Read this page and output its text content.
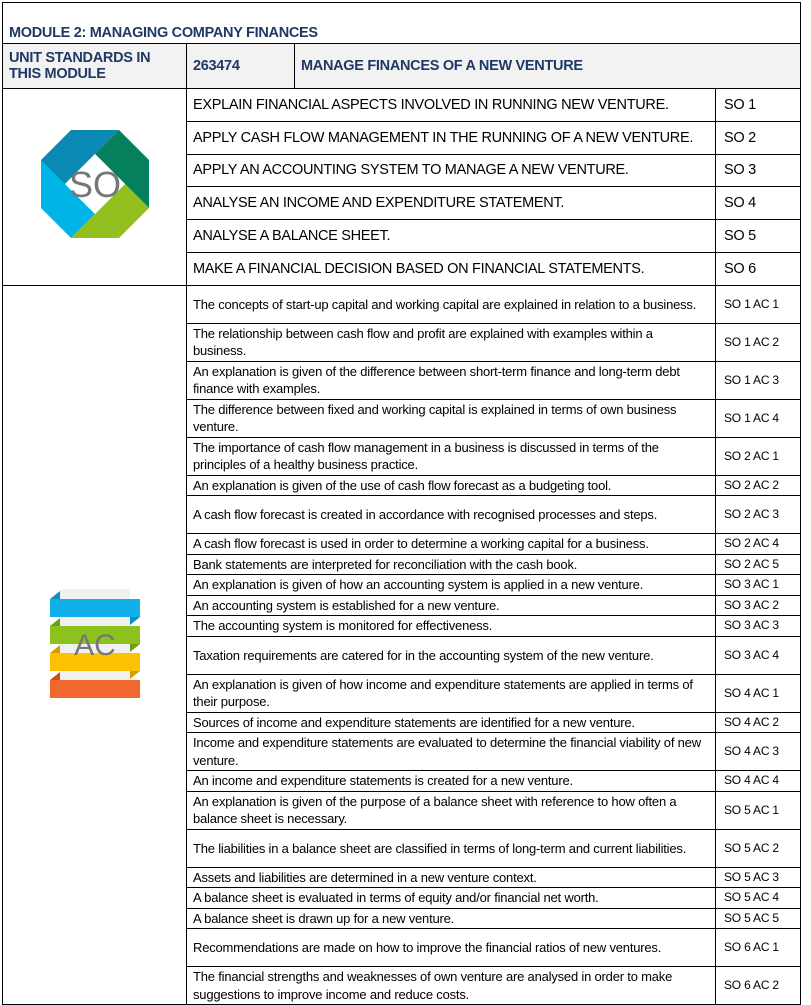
MODULE 2: MANAGING COMPANY FINANCES			
UNIT STANDARDS IN THIS MODULE	263474	MANAGE FINANCES OF A NEW VENTURE	

SO	EXPLAIN FINANCIAL ASPECTS INVOLVED IN RUNNING NEW VENTURE.		SO 1
	APPLY CASH FLOW MANAGEMENT IN THE RUNNING OF A NEW VENTURE.		SO 2
	APPLY AN ACCOUNTING SYSTEM TO MANAGE A NEW VENTURE.		SO 3
	ANALYSE AN INCOME AND EXPENDITURE STATEMENT.		SO 4
	ANALYSE A BALANCE SHEET.		SO 5
	MAKE A FINANCIAL DECISION BASED ON FINANCIAL STATEMENTS.		SO 6

AC	The concepts of start-up capital and working capital are explained in relation to a business.		SO 1 AC 1
	The relationship between cash flow and profit are explained with examples within a business.		SO 1 AC 2
	An explanation is given of the difference between short-term finance and long-term debt finance with examples.		SO 1 AC 3
	The difference between fixed and working capital is explained in terms of own business venture.		SO 1 AC 4
	The importance of cash flow management in a business is discussed in terms of the principles of a healthy business practice.		SO 2 AC 1
	An explanation is given of the use of cash flow forecast as a budgeting tool.		SO 2 AC 2
	A cash flow forecast is created in accordance with recognised processes and steps.		SO 2 AC 3
	A cash flow forecast is used in order to determine a working capital for a business.		SO 2 AC 4
	Bank statements are interpreted for reconciliation with the cash book.		SO 2 AC 5
	An explanation is given of how an accounting system is applied in a new venture.		SO 3 AC 1
	An accounting system is established for a new venture.		SO 3 AC 2
	The accounting system is monitored for effectiveness.		SO 3 AC 3
	Taxation requirements are catered for in the accounting system of the new venture.		SO 3 AC 4
	An explanation is given of how income and expenditure statements are applied in terms of their purpose.		SO 4 AC 1
	Sources of income and expenditure statements are identified for a new venture.		SO 4 AC 2
	Income and expenditure statements are evaluated to determine the financial viability of new venture.		SO 4 AC 3
	An income and expenditure statements is created for a new venture.		SO 4 AC 4
	An explanation is given of the purpose of a balance sheet with reference to how often a balance sheet is necessary.		SO 5 AC 1
	The liabilities in a balance sheet are classified in terms of long-term and current liabilities.		SO 5 AC 2
	Assets and liabilities are determined in a new venture context.		SO 5 AC 3
	A balance sheet is evaluated in terms of equity and/or financial net worth.		SO 5 AC 4
	A balance sheet is drawn up for a new venture.		SO 5 AC 5
	Recommendations are made on how to improve the financial ratios of new ventures.		SO 6 AC 1
	The financial strengths and weaknesses of own venture are analysed in order to make suggestions to improve income and reduce costs.		SO 6 AC 2
